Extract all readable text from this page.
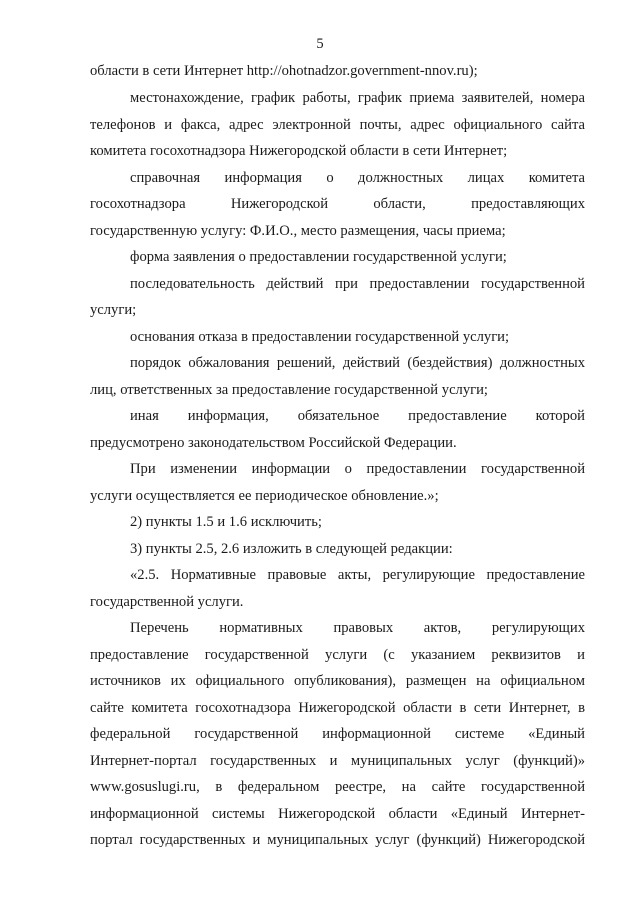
5
области в сети Интернет http://ohotnadzor.government-nnov.ru);
местонахождение, график работы, график приема заявителей, номера
телефонов и факса, адрес электронной почты, адрес официального сайта
комитета госохотнадзора Нижегородской области в сети Интернет;
справочная информация о должностных лицах комитета
госохотнадзора Нижегородской области, предоставляющих
государственную услугу: Ф.И.О., место размещения, часы приема;
форма заявления о предоставлении государственной услуги;
последовательность действий при предоставлении государственной
услуги;
основания отказа в предоставлении государственной услуги;
порядок обжалования решений, действий (бездействия) должностных
лиц, ответственных за предоставление государственной услуги;
иная информация, обязательное предоставление которой
предусмотрено законодательством Российской Федерации.
При изменении информации о предоставлении государственной
услуги осуществляется ее периодическое обновление.»;
2) пункты 1.5 и 1.6 исключить;
3) пункты 2.5, 2.6 изложить в следующей редакции:
«2.5. Нормативные правовые акты, регулирующие предоставление
государственной услуги.
Перечень нормативных правовых актов, регулирующих
предоставление государственной услуги (с указанием реквизитов и
источников их официального опубликования), размещен на официальном
сайте комитета госохотнадзора Нижегородской области в сети Интернет, в
федеральной государственной информационной системе «Единый
Интернет-портал государственных и муниципальных услуг (функций)»
www.gosuslugi.ru, в федеральном реестре, на сайте государственной
информационной системы Нижегородской области «Единый Интернет-
портал государственных и муниципальных услуг (функций) Нижегородской
